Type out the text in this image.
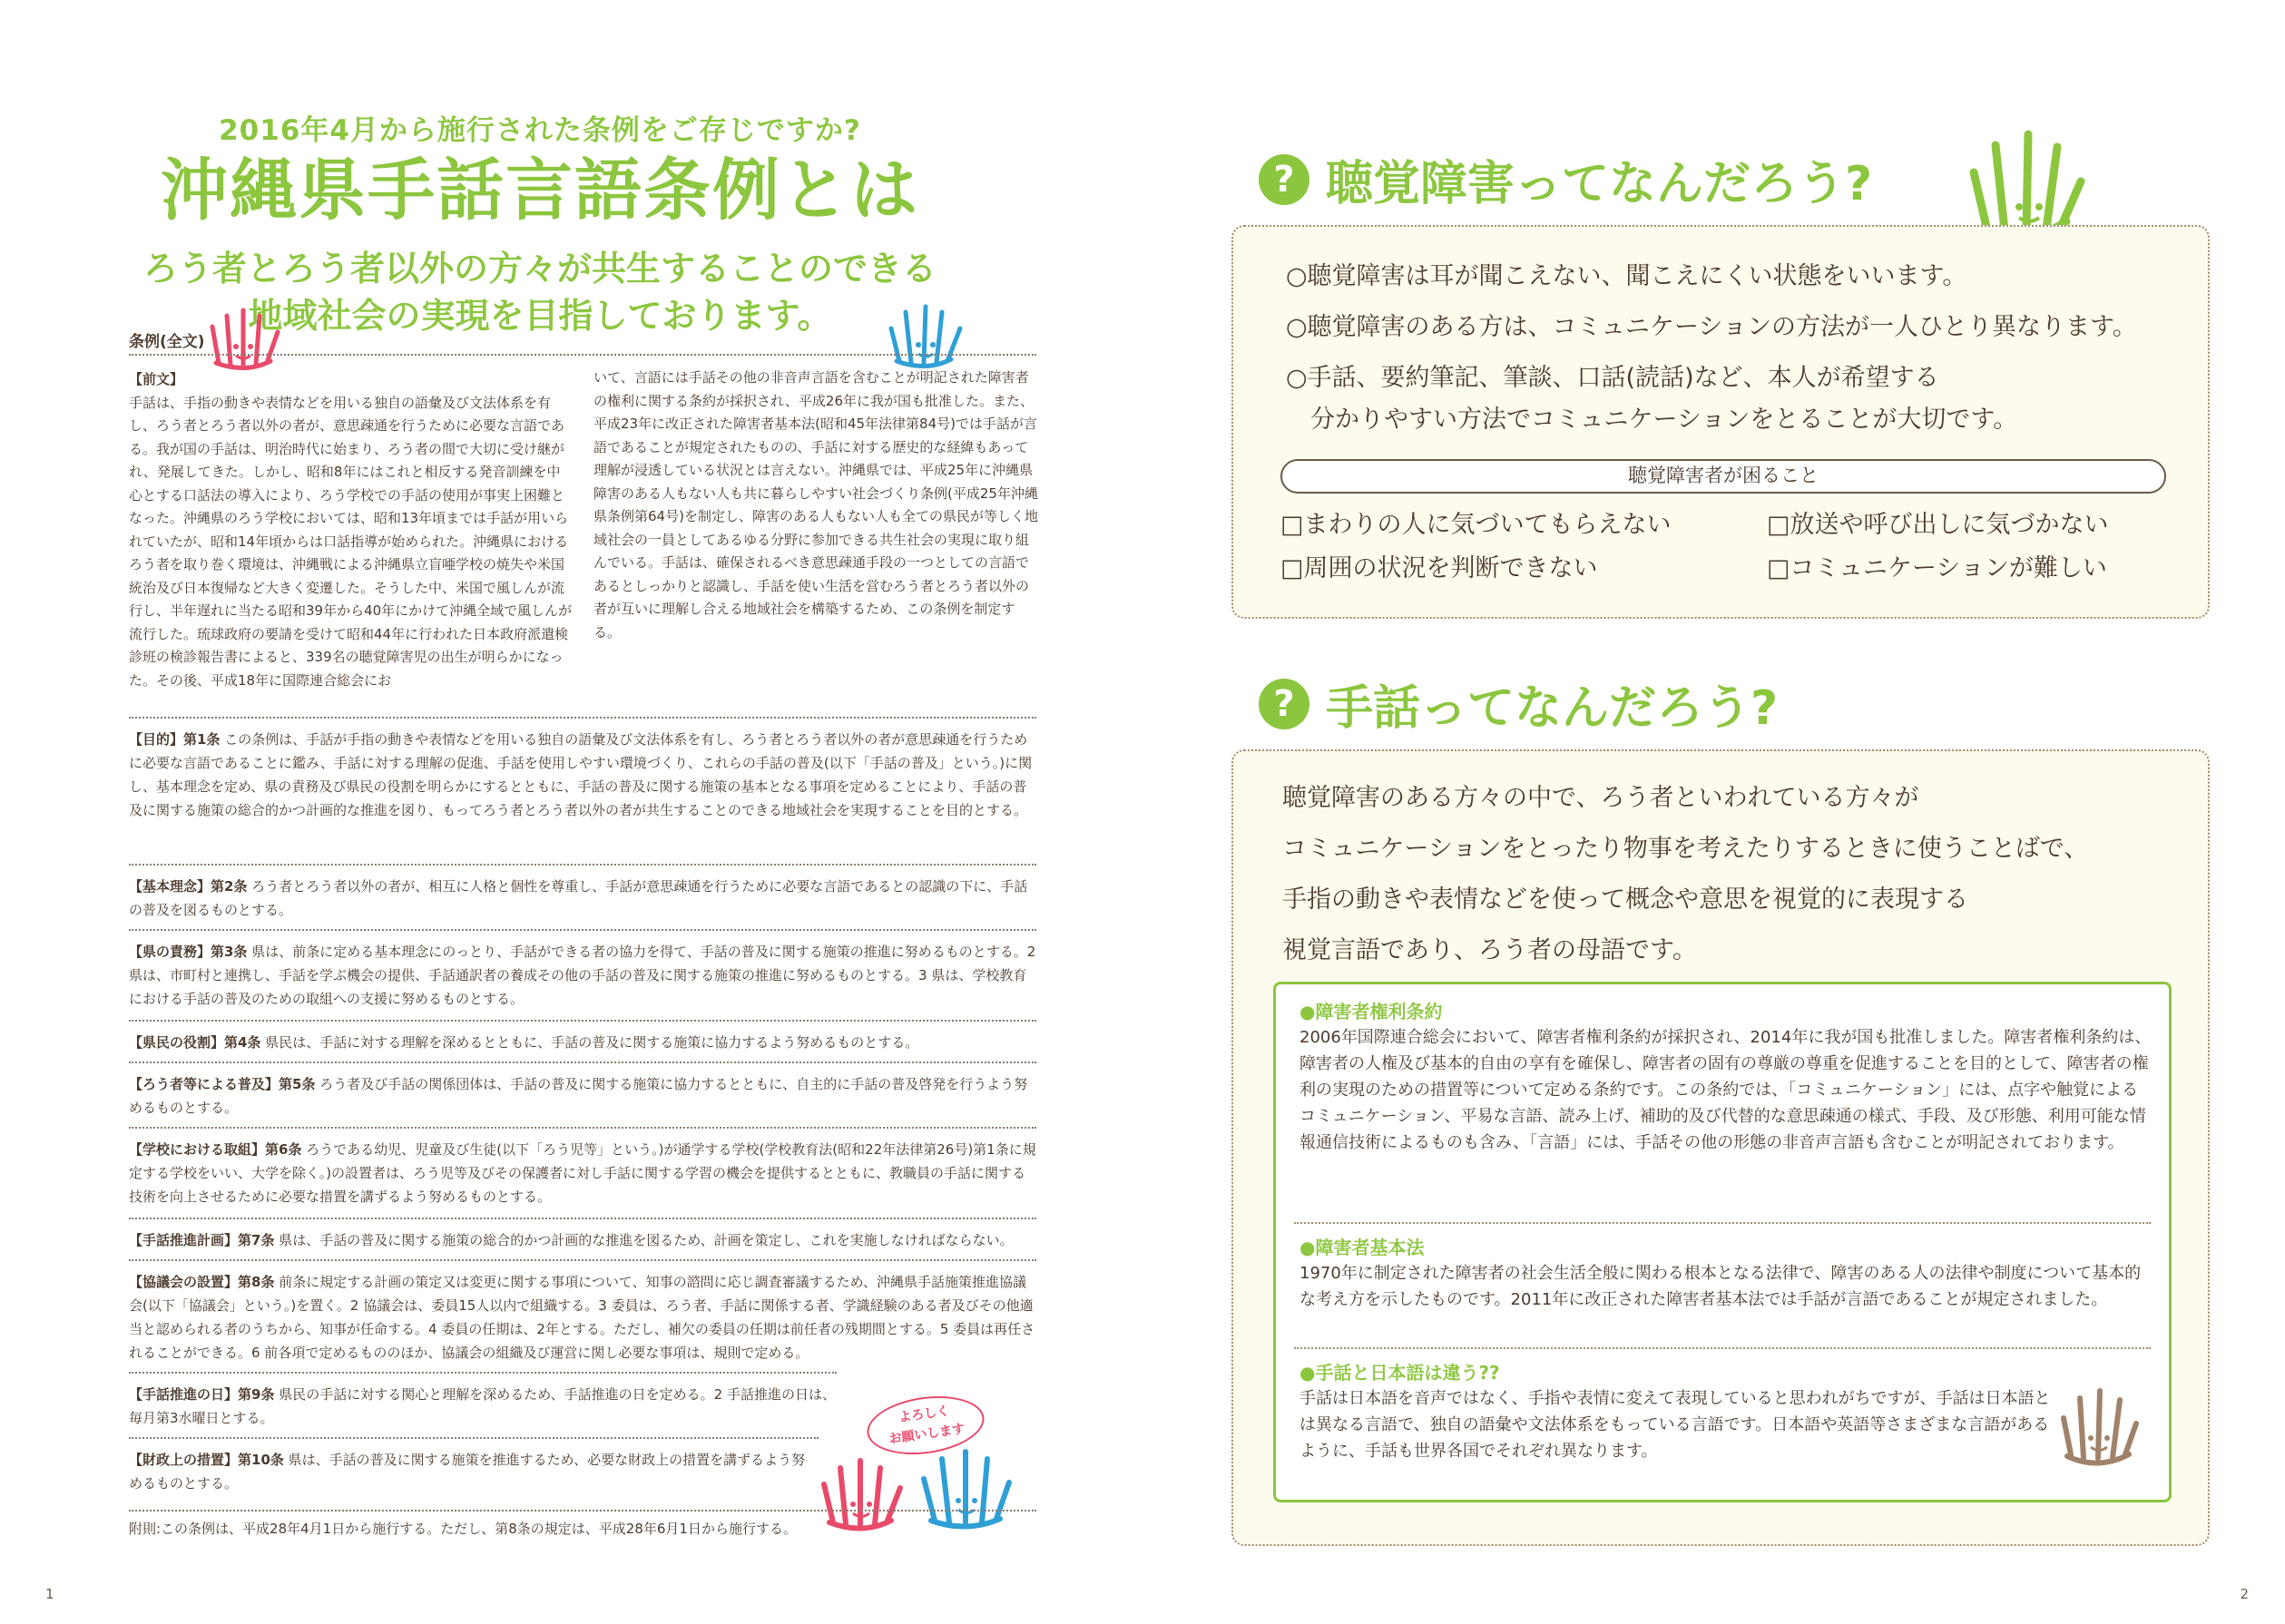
2016年4月から施行された条例をご存じですか?
沖縄県手話言語条例とは
ろう者とろう者以外の方々が共生することのできる
地域社会の実現を目指しております。
条例(全文)
【前文】
手話は、手指の動きや表情などを用いる独自の語彙及び文法体系を有し、ろう者とろう者以外の者が、意思疎通を行うために必要な言語である。我が国の手話は、明治時代に始まり、ろう者の間で大切に受け継がれ、発展してきた。しかし、昭和8年にはこれと相反する発音訓練を中心とする口話法の導入により、ろう学校での手話の使用が事実上困難となった。沖縄県のろう学校においては、昭和13年頃までは手話が用いられていたが、昭和14年頃からは口話指導が始められた。沖縄県におけるろう者を取り巻く環境は、沖縄戦による沖縄県立盲唖学校の焼失や米国統治及び日本復帰など大きく変遷した。そうした中、米国で風しんが流行し、半年遅れに当たる昭和39年から40年にかけて沖縄全域で風しんが流行した。琉球政府の要請を受けて昭和44年に行われた日本政府派遣検診班の検診報告書によると、339名の聴覚障害児の出生が明らかになった。その後、平成18年に国際連合総会にお
いて、言語には手話その他の非音声言語を含むことが明記された障害者の権利に関する条約が採択され、平成26年に我が国も批准した。また、平成23年に改正された障害者基本法(昭和45年法律第84号)では手話が言語であることが規定されたものの、手話に対する歴史的な経緯もあって理解が浸透している状況とは言えない。沖縄県では、平成25年に沖縄県障害のある人もない人も共に暮らしやすい社会づくり条例(平成25年沖縄県条例第64号)を制定し、障害のある人もない人も全ての県民が等しく地域社会の一員としてあるゆる分野に参加できる共生社会の実現に取り組んでいる。手話は、確保されるべき意思疎通手段の一つとしての言語であるとしっかりと認識し、手話を使い生活を営むろう者とろう者以外の者が互いに理解し合える地域社会を構築するため、この条例を制定する。
【目的】第1条 この条例は、手話が手指の動きや表情などを用いる独自の語彙及び文法体系を有し、ろう者とろう者以外の者が意思疎通を行うために必要な言語であることに鑑み、手話に対する理解の促進、手話を使用しやすい環境づくり、これらの手話の普及(以下「手話の普及」という。)に関し、基本理念を定め、県の責務及び県民の役割を明らかにするとともに、手話の普及に関する施策の基本となる事項を定めることにより、手話の普及に関する施策の総合的かつ計画的な推進を図り、もってろう者とろう者以外の者が共生することのできる地域社会を実現することを目的とする。
【基本理念】第2条 ろう者とろう者以外の者が、相互に人格と個性を尊重し、手話が意思疎通を行うために必要な言語であるとの認識の下に、手話の普及を図るものとする。
【県の責務】第3条 県は、前条に定める基本理念にのっとり、手話ができる者の協力を得て、手話の普及に関する施策の推進に努めるものとする。2 県は、市町村と連携し、手話を学ぶ機会の提供、手話通訳者の養成その他の手話の普及に関する施策の推進に努めるものとする。3 県は、学校教育における手話の普及のための取組への支援に努めるものとする。
【県民の役割】第4条 県民は、手話に対する理解を深めるとともに、手話の普及に関する施策に協力するよう努めるものとする。
【ろう者等による普及】第5条 ろう者及び手話の関係団体は、手話の普及に関する施策に協力するとともに、自主的に手話の普及啓発を行うよう努めるものとする。
【学校における取組】第6条 ろうである幼児、児童及び生徒(以下「ろう児等」という。)が通学する学校(学校教育法(昭和22年法律第26号)第1条に規定する学校をいい、大学を除く。)の設置者は、ろう児等及びその保護者に対し手話に関する学習の機会を提供するとともに、教職員の手話に関する技術を向上させるために必要な措置を講ずるよう努めるものとする。
【手話推進計画】第7条 県は、手話の普及に関する施策の総合的かつ計画的な推進を図るため、計画を策定し、これを実施しなければならない。
【協議会の設置】第8条 前条に規定する計画の策定又は変更に関する事項について、知事の諮問に応じ調査審議するため、沖縄県手話施策推進協議会(以下「協議会」という。)を置く。2 協議会は、委員15人以内で組織する。3 委員は、ろう者、手話に関係する者、学識経験のある者及びその他適当と認められる者のうちから、知事が任命する。4 委員の任期は、2年とする。ただし、補欠の委員の任期は前任者の残期間とする。5 委員は再任されることができる。6 前各項で定めるもののほか、協議会の組織及び運営に関し必要な事項は、規則で定める。
【手話推進の日】第9条 県民の手話に対する関心と理解を深めるため、手話推進の日を定める。2 手話推進の日は、毎月第3水曜日とする。
【財政上の措置】第10条 県は、手話の普及に関する施策を推進するため、必要な財政上の措置を講ずるよう努めるものとする。
よろしく
お願いします
附則:この条例は、平成28年4月1日から施行する。ただし、第8条の規定は、平成28年6月1日から施行する。
1
? 聴覚障害ってなんだろう?
○聴覚障害は耳が聞こえない、聞こえにくい状態をいいます。
○聴覚障害のある方は、コミュニケーションの方法が一人ひとり異なります。
○手話、要約筆記、筆談、口話(読話)など、本人が希望する
　分かりやすい方法でコミュニケーションをとることが大切です。
聴覚障害者が困ること
□まわりの人に気づいてもらえない	□放送や呼び出しに気づかない
□周囲の状況を判断できない	□コミュニケーションが難しい
? 手話ってなんだろう?
聴覚障害のある方々の中で、ろう者といわれている方々が
コミュニケーションをとったり物事を考えたりするときに使うことばで、
手指の動きや表情などを使って概念や意思を視覚的に表現する
視覚言語であり、ろう者の母語です。
●障害者権利条約
2006年国際連合総会において、障害者権利条約が採択され、2014年に我が国も批准しました。障害者権利条約は、障害者の人権及び基本的自由の享有を確保し、障害者の固有の尊厳の尊重を促進することを目的として、障害者の権利の実現のための措置等について定める条約です。この条約では、「コミュニケーション」には、点字や触覚によるコミュニケーション、平易な言語、読み上げ、補助的及び代替的な意思疎通の様式、手段、及び形態、利用可能な情報通信技術によるものも含み、「言語」には、手話その他の形態の非音声言語も含むことが明記されております。
●障害者基本法
1970年に制定された障害者の社会生活全般に関わる根本となる法律で、障害のある人の法律や制度について基本的な考え方を示したものです。2011年に改正された障害者基本法では手話が言語であることが規定されました。
●手話と日本語は違う??
手話は日本語を音声ではなく、手指や表情に変えて表現していると思われがちですが、手話は日本語とは異なる言語で、独自の語彙や文法体系をもっている言語です。日本語や英語等さまざまな言語があるように、手話も世界各国でそれぞれ異なります。
2
